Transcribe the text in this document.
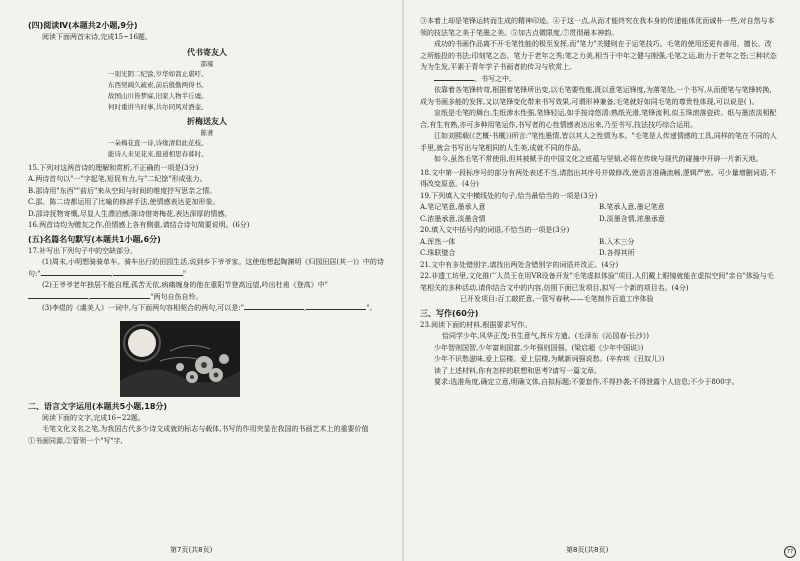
(四)阅读Ⅳ(本题共2小题,9分)

阅读下面两首宋诗,完成15~16题。

代书寄友人

邵雍

一别光阴二纪馀,岁华如箭止堪吁。

东西契阔久疏索,前后殷勤两得书。

故国山川皆梦寐,旧家人物半丘墟。

何时重讲当时事,共尔同风对酒壶。

折梅送友人

陈著

一朵梅花直一诗,诗缘清似此花枝。

能诗人来见花来,报道相思春暮时。

15.下列对这两首诗的理解和赏析,不正确的一项是(3分)

A.两诗首句以"一"字起笔,短促有力,与"二纪馀"形成张力。

B.邵诗用"东西""前后"来从空间与时间的维度抒写思亲之情。

C.邵、陈二诗都运用了比喻的修辞手法,使情感表达更加形象。

D.邵诗抚物寄慨,尽显人生漂泊感;陈诗借寄梅花,表达深厚的情感。

16.两首诗均为赠友之作,但情感上各有侧重,请结合诗句简要说明。(6分)

(五)名篇名句默写(本题共1小题,6分)

17.补写出下列句子中的空缺部分。

(1)周末,小明想骑骑单车。骑车出行的田园生活,说到乡下爷爷家。这使他想起陶渊明《归园田居(其一)》中的诗句:"	,	"

(2)王爷爷老年独居不能自理,孤苦无依,病痛缠身的他在重阳节登高远望,吟出杜甫《登高》中",	"两句自伤自怜。

(3)李煜的《虞美人》一词中,与下面两句容相契合的两句,可以是:"	,	"。

二、语言文字运用(本题共5小题,18分)

阅读下面的文字,完成16~22题。

毛笔文化又名之笔,为我国古代多少诗文成就的标志与载体,书写的作用突显在我国的书画艺术上的重要价值

①书画同源,②管领一个"写"字,

第7页(共8页)

③本着上却是笔锋运转而生成的精神印迹。④于这一点,从而才能终究在我本身的传递能体优而诚朴一些,对自然与本领的技法笔之美于笔墨之美。⑤加古点微限度,⑦贯彻最本神韵。

成功的书画作品离不开毛笔性能的极至发挥,而"笔力"关键则在于运笔技巧。毛笔的使用还更有善用、擅长、改之所能投的书法;印刻笔之态、笔力于老年之秀;笔之力美,相当于中年之健与刚强,毛笔之运,助力于老年之苍;三种状态为为生发,平素于青年学子书画者的传习与欣赏上,

。书写之中,

依靠着各笔锋转弯,根据着笔锋所出变,以毛笔要性能,既以意笔运锋度,为落笔处,一个书写,从而便笔与笔锋转换,成为书画多能的发挥,又以笔锋变化带来书写效果,可谓形神兼备,毛笔就好如同毛笔的尊贵性体现,可以说是( )。

宣纸是毛笔的舞台,生纸渗水性强,笔锋轻运,如手按诗悠清:熟纸光滑,笔锋流利,似玉珠滚落瓷砖。纸与墨浓淡相配合,有生有熟,亦可多种用笔运作,书写者的心性情感表达出来,乃至书写,技法技巧综合运用。

江如刘熙载(《艺概·书概》)所言:"笔性墨情,皆以其人之性情为本。"毛笔是人传递情感的工具,同样的笔在不同的人手里,就会书写出与笔相同的人生美,成就不同的作品。

如今,虽然毛笔不常使用,但其被赋予的中国文化之底蕴与坚韧,必将在传统与现代的碰撞中开辟一片新天地。

18.文中第一段标序号的部分有两处表述不当,请指出其序号并做修改,使语言准确流畅,逻辑严密。可少量增删词语,不得改变原意。(4分)

19.下列填入文中横线处的句子,恰当最恰当的一项是(3分)

A.笔记笔意,墨承人意	B.笔承人意,墨记笔意
C.浓墨承意,淡墨含情	D.淡墨含情,浓墨承意

20.填入文中括号内的词语,不恰当的一项是(3分)

A.浑然一体	B.入木三分
C.珠联璧合	D.各得其所

21.文中有多处错别字,请找出两处含错别字的词语并改正。(4分)

22.非遗工坊里,文化推广人员王在用VR设备开发"毛笔虚拟体验"项目,人们戴上眼镜就能在虚拟空间"亲自"体验与毛笔相关的多种活动,请你结合文中的内容,仿照下面已发项目,拟写一个新的项目名。(4分)

已开发项目:百工敲匠意,一管写春秋——毛笔制作百道工序体验

三、写作(60分)

23.阅读下面的材料,根据要求写作。

恰同学少年,风华正茂;书生意气,挥斥方遒。(毛泽东《沁园春·长沙》)

少年智则国智,少年富则国富,少年强则国强。(梁启超《少年中国说》)

少年不识愁滋味,爱上层楼。爱上层楼,为赋新词强说愁。(辛弃疾《丑奴儿》)

读了上述材料,你有怎样的联想和思考?请写一篇文章。

要求:选准角度,确定立意,明确文体,自拟标题;不要套作,不得抄袭;不得泄露个人信息;不少于800字。

第8页(共8页)	77
